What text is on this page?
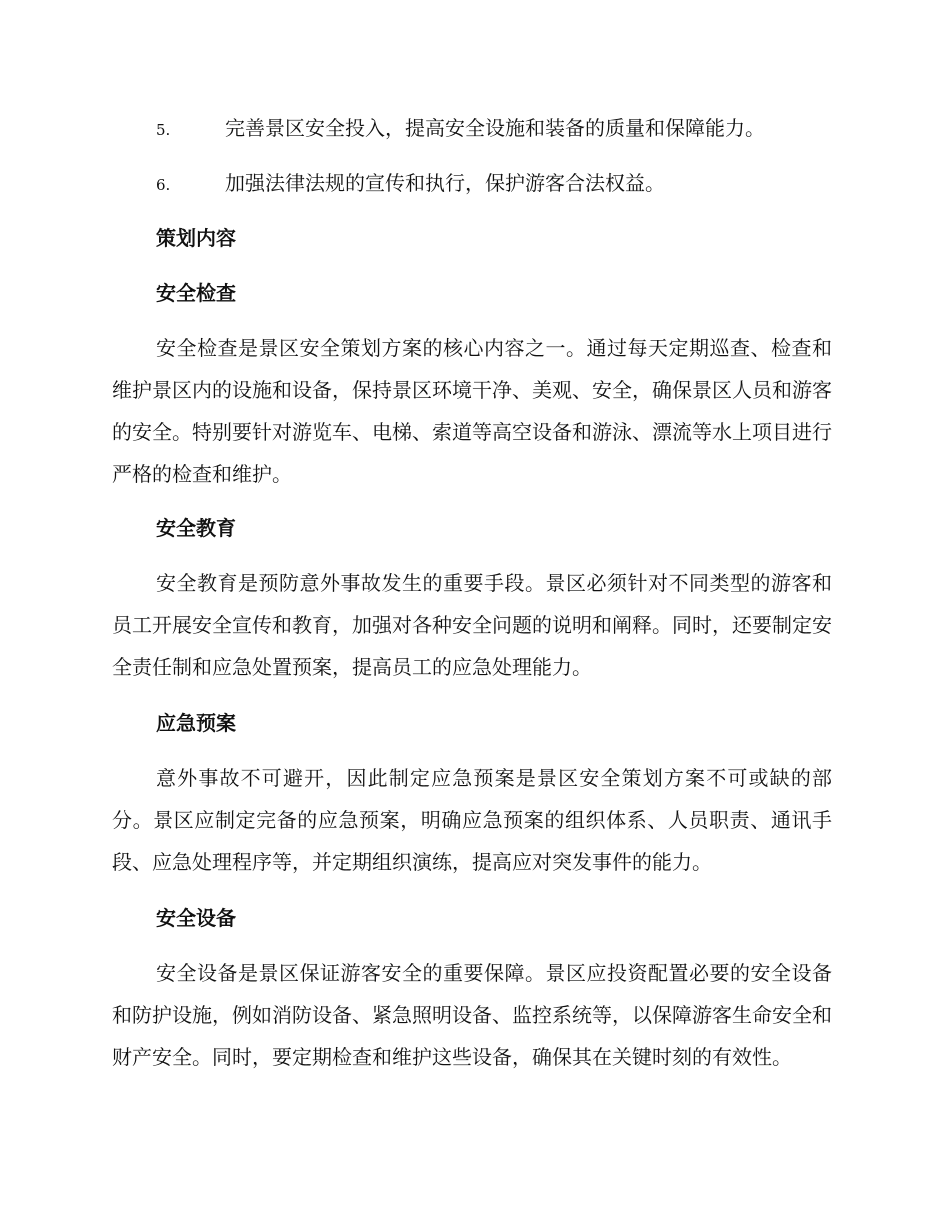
5.	完善景区安全投入，提高安全设施和装备的质量和保障能力。
6.	加强法律法规的宣传和执行，保护游客合法权益。
策划内容
安全检查
安全检查是景区安全策划方案的核心内容之一。通过每天定期巡查、检查和维护景区内的设施和设备，保持景区环境干净、美观、安全，确保景区人员和游客的安全。特别要针对游览车、电梯、索道等高空设备和游泳、漂流等水上项目进行严格的检查和维护。
安全教育
安全教育是预防意外事故发生的重要手段。景区必须针对不同类型的游客和员工开展安全宣传和教育，加强对各种安全问题的说明和阐释。同时，还要制定安全责任制和应急处置预案，提高员工的应急处理能力。
应急预案
意外事故不可避开，因此制定应急预案是景区安全策划方案不可或缺的部分。景区应制定完备的应急预案，明确应急预案的组织体系、人员职责、通讯手段、应急处理程序等，并定期组织演练，提高应对突发事件的能力。
安全设备
安全设备是景区保证游客安全的重要保障。景区应投资配置必要的安全设备和防护设施，例如消防设备、紧急照明设备、监控系统等，以保障游客生命安全和财产安全。同时，要定期检查和维护这些设备，确保其在关键时刻的有效性。
